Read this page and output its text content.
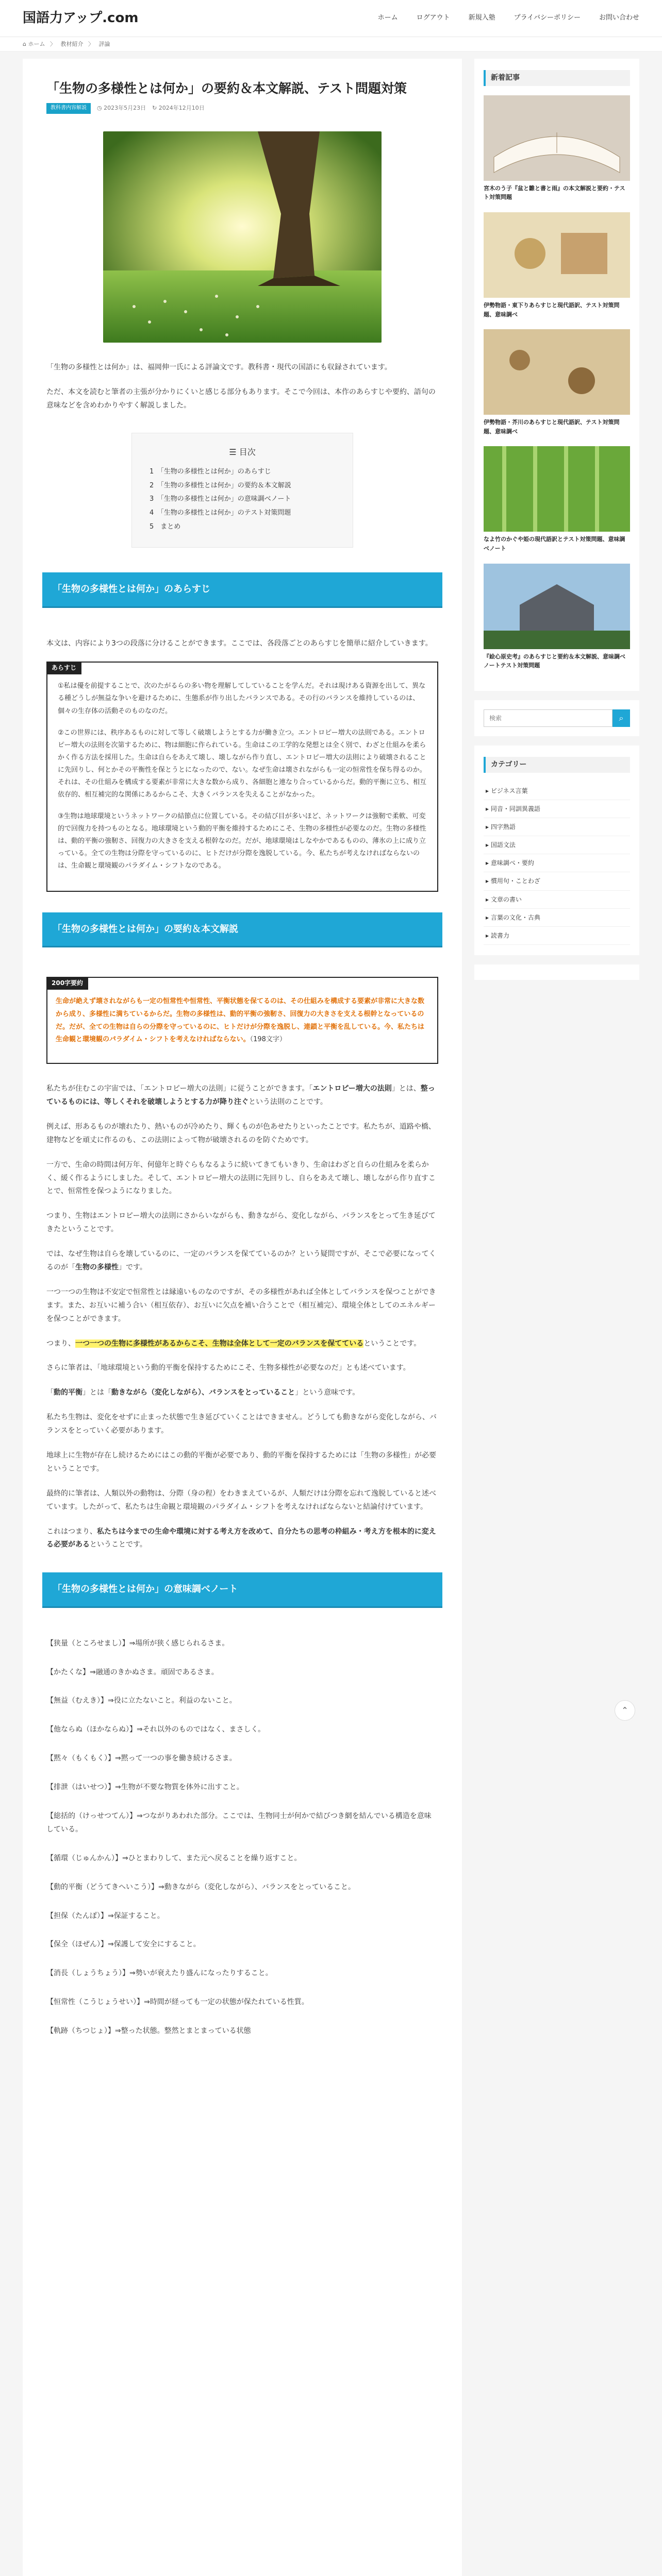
国語力アップ.com	ホーム	ログアウト	新規入塾	プライバシーポリシー	お問い合わせ
⌂ ホーム 〉 教材紹介 〉 評論
「生物の多様性とは何か」の要約＆本文解説、テスト問題対策
教科書内容解説	◷ 2023年5月23日 ↻ 2024年12月10日

「生物の多様性とは何か」は、福岡伸一氏による評論文です。教科書・現代の国語にも収録されています。

ただ、本文を読むと筆者の主張が分かりにくいと感じる部分もあります。そこで今回は、本作のあらすじや要約、語句の意味などを含めわかりやすく解説しました。

☰ 目次
1　「生物の多様性とは何か」のあらすじ
2　「生物の多様性とは何か」の要約＆本文解説
3　「生物の多様性とは何か」の意味調べノート
4　「生物の多様性とは何か」のテスト対策問題
5　まとめ
「生物の多様性とは何か」のあらすじ

本文は、内容により3つの段落に分けることができます。ここでは、各段落ごとのあらすじを簡単に紹介していきます。

あらすじ

①私は優を前提することで、次のたがるらの多い物を理解してしていることを学んだ。それは現けある資源を出して、異なる種どうしが無益な争いを避けるために、生態系が作り出したバランスである。その行のバランスを維持しているのは、個々の生存体の活動そのものなのだ。

②この世界には、秩序あるものに対して等しく破壊しようとする力が働き立つ。エントロピー増大の法則である。エントロピー増大の法則を次第するために、物は細胞に作られている。生命はこの工学的な発想とは全く別で、わざと仕組みを柔らかく作る方法を採用した。生命は自らをあえて壊し、壊しながら作り直し、エントロピー増大の法則により破壊されることに先回りし、何とかその平衡性を保とうとになったので、ない。なぜ生命は壊されながらも一定の恒常性を保ち得るのか。それは、その仕組みを構成する要素が非常に大きな数から成り、各細胞と連なり合っているからだ。動的平衡に立ち、相互依存的、相互補完的な関係にあるからこそ、大きくバランスを失えることがなかった。

③生物は地球環境というネットワークの結節点に位置している。その結び目が多いほど、ネットワークは強靭で柔軟、可変的で回復力を持つものとなる。地球環境という動的平衡を維持するためにこそ、生物の多様性が必要なのだ。生物の多様性は、動的平衡の強靭さ、回復力の大きさを支える根幹なのだ。だが、地球環境はしなやかであるものの、薄氷の上に成り立っている。全ての生物は分際を守っているのに、ヒトだけが分際を逸脱している。今、私たちが考えなければならないのは、生命観と環境観のパラダイム・シフトなのである。

「生物の多様性とは何か」の要約＆本文解説
200字要約

生命が絶えず壊されながらも一定の恒常性や恒常性、平衡状態を保てるのは、その仕組みを構成する要素が非常に大きな数から成り、多様性に満ちているからだ。生物の多様性は、動的平衡の強靭さ、回復力の大きさを支える根幹となっているのだ。だが、全ての生物は自らの分際を守っているのに、ヒトだけが分際を逸脱し、連鎖と平衡を乱している。今、私たちは生命観と環境観のパラダイム・シフトを考えなければならない。（198文字）

私たちが住むこの宇宙では、「エントロピー増大の法則」に従うことができます。「エントロピー増大の法則」とは、整っているものには、等しくそれを破壊しようとする力が降り注ぐという法則のことです。

例えば、形あるものが壊れたり、熱いものが冷めたり、輝くものが色あせたりといったことです。私たちが、道路や橋、建物などを頑丈に作るのも、この法則によって物が破壊されるのを防ぐためです。

一方で、生命の時間は何万年、何億年と時ぐらもなるように続いてきてもいきり、生命はわざと自らの仕組みを柔らかく、緩く作るようにしました。そして、エントロピー増大の法則に先回りし、自らをあえて壊し、壊しながら作り直すことで、恒常性を保つようになりました。

つまり、生物はエントロピー増大の法則にさからいながらも、動きながら、変化しながら、バランスをとって生き延びてきたということです。

では、なぜ生物は自らを壊しているのに、一定のバランスを保てているのか？という疑問ですが、そこで必要になってくるのが「生物の多様性」です。

一つ一つの生物は不安定で恒常性とは縁遠いものなのですが、その多様性があれば全体としてバランスを保つことができます。また、お互いに補う合い（相互依存）、お互いに欠点を補い合うことで（相互補完）、環境全体としてのエネルギーを保つことができます。

つまり、一つ一つの生物に多様性があるからこそ、生物は全体として一定のバランスを保てているということです。

さらに筆者は、「地球環境という動的平衡を保持するためにこそ、生物多様性が必要なのだ」とも述べています。

「動的平衡」とは「動きながら（変化しながら）、バランスをとっていること」という意味です。

私たち生物は、変化をせずに止まった状態で生き延びていくことはできません。どうしても動きながら変化しながら、バランスをとっていく必要があります。

地球上に生物が存在し続けるためにはこの動的平衡が必要であり、動的平衡を保持するためには「生物の多様性」が必要ということです。

最終的に筆者は、人類以外の動物は、分際（身の程）をわきまえているが、人類だけは分際を忘れて逸脱していると述べています。したがって、私たちは生命観と環境観のパラダイム・シフトを考えなければならないと結論付けています。

これはつまり、私たちは今までの生命や環境に対する考え方を改めて、自分たちの思考の枠組み・考え方を根本的に変える必要があるということです。

「生物の多様性とは何か」の意味調べノート

【狭量（ところせまし）】⇒場所が狭く感じられるさま。

【かたくな】⇒融通のきかぬさま。頑固であるさま。

【無益（むえき）】⇒役に立たないこと。利益のないこと。

【他ならぬ（ほかならぬ）】⇒それ以外のものではなく、まさしく。

【黙々（もくもく）】⇒黙って一つの事を働き続けるさま。

【排泄（はいせつ）】⇒生物が不要な物質を体外に出すこと。

【総括的（けっせつてん）】⇒つながりあわれた部分。ここでは、生物同士が何かで結びつき網を結んでいる構造を意味している。

【循環（じゅんかん）】⇒ひとまわりして、また元へ戻ることを繰り返すこと。

【動的平衡（どうてきへいこう）】⇒動きながら（変化しながら）、バランスをとっていること。

【担保（たんぽ）】⇒保証すること。

【保全（ほぜん）】⇒保護して安全にすること。

【消長（しょうちょう）】⇒勢いが衰えたり盛んになったりすること。

【恒常性（こうじょうせい）】⇒時間が経っても一定の状態が保たれている性質。

【軌跡（ちつじょ）】⇒整った状態。整然とまとまっている状態

新着記事
宮木のう子『盆と雛と書と雨』の本文解説と要約・テスト対策問題
伊勢物語・東下りあらすじと現代語訳、テスト対策問題、意味調べ
伊勢物語・芥川のあらすじと現代語訳、テスト対策問題、意味調べ
なよ竹のかぐや姫の現代語訳とテスト対策問題、意味調べノート
『絵心原史考』のあらすじと要約＆本文解説、意味調べノートテスト対策問題
検索
⌕
カテゴリー
▸ ビジネス言葉
▸ 同音・同訓異義語
▸ 四字熟語
▸ 国語文法
▸ 意味調べ・要約
▸ 慣用句・ことわざ
▸ 文章の書い
▸ 言葉の文化・古典
▸ 読書力
⌃
